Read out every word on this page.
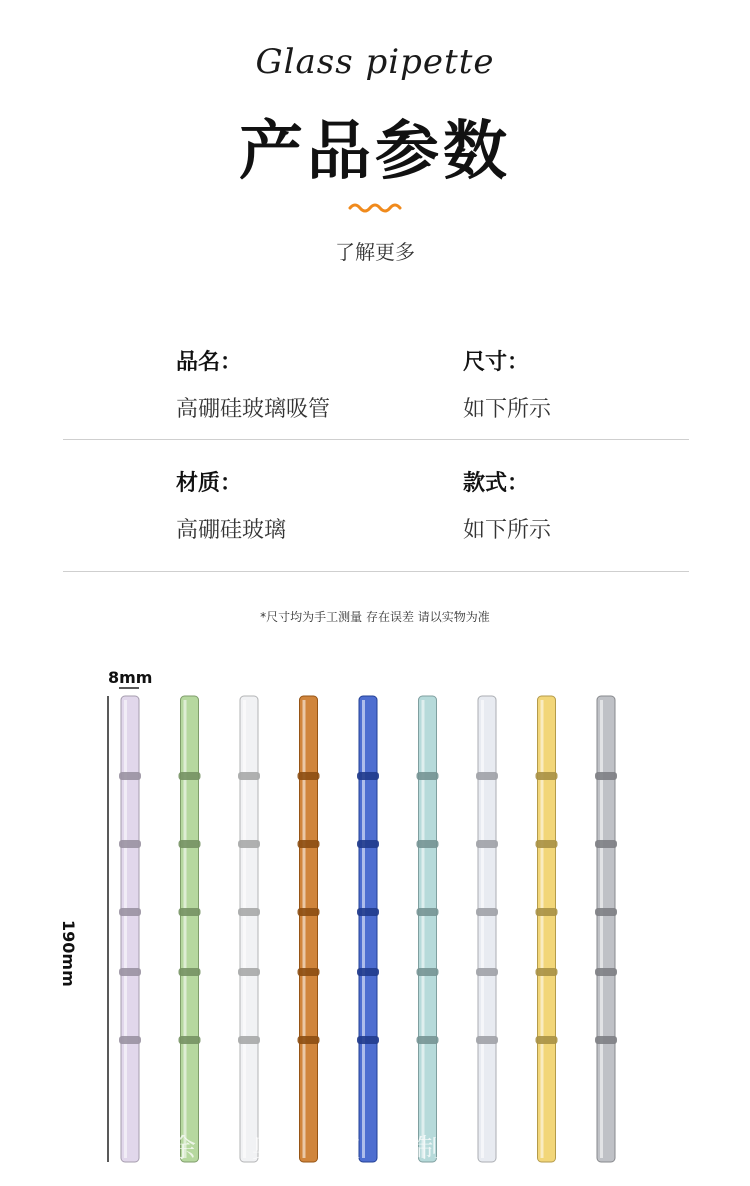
Glass pipette
产品参数
了解更多
品名：
高硼硅玻璃吸管
尺寸：
如下所示
材质：
高硼硅玻璃
款式：
如下所示
*尺寸均为手工测量 存在误差 请以实物为准
8mm
190mm
余奥玻制有
